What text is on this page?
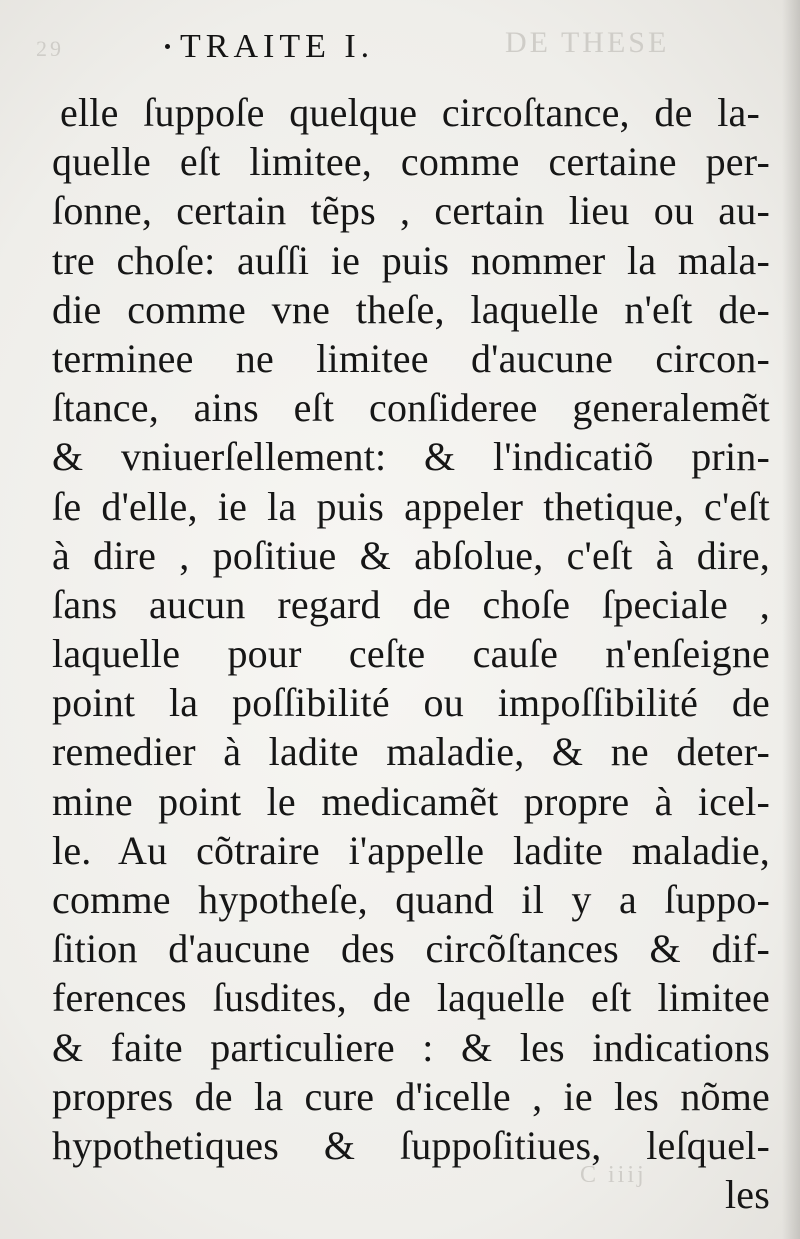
29	DE THESE
C iiij
TRAITE I.
elle ſuppoſe quelque circoſtance, de la-
quelle eſt limitee, comme certaine per-
ſonne, certain tẽps , certain lieu ou au-
tre choſe: auſſi ie puis nommer la mala-
die comme vne theſe, laquelle n'eſt de-
terminee ne limitee d'aucune circon-
ſtance, ains eſt conſideree generalemẽt
& vniuerſellement: & l'indicatiõ prin-
ſe d'elle, ie la puis appeler thetique, c'eſt
à dire , poſitiue & abſolue, c'eſt à dire,
ſans aucun regard de choſe ſpeciale ,
laquelle pour ceſte cauſe n'enſeigne
point la poſſibilité ou impoſſibilité de
remedier à ladite maladie, & ne deter-
mine point le medicamẽt propre à icel-
le. Au cõtraire i'appelle ladite maladie,
comme hypotheſe, quand il y a ſuppo-
ſition d'aucune des circõſtances & dif-
ferences ſusdites, de laquelle eſt limitee
& faite particuliere : & les indications
propres de la cure d'icelle , ie les nõme
hypothetiques & ſuppoſitiues, leſquel-
les
